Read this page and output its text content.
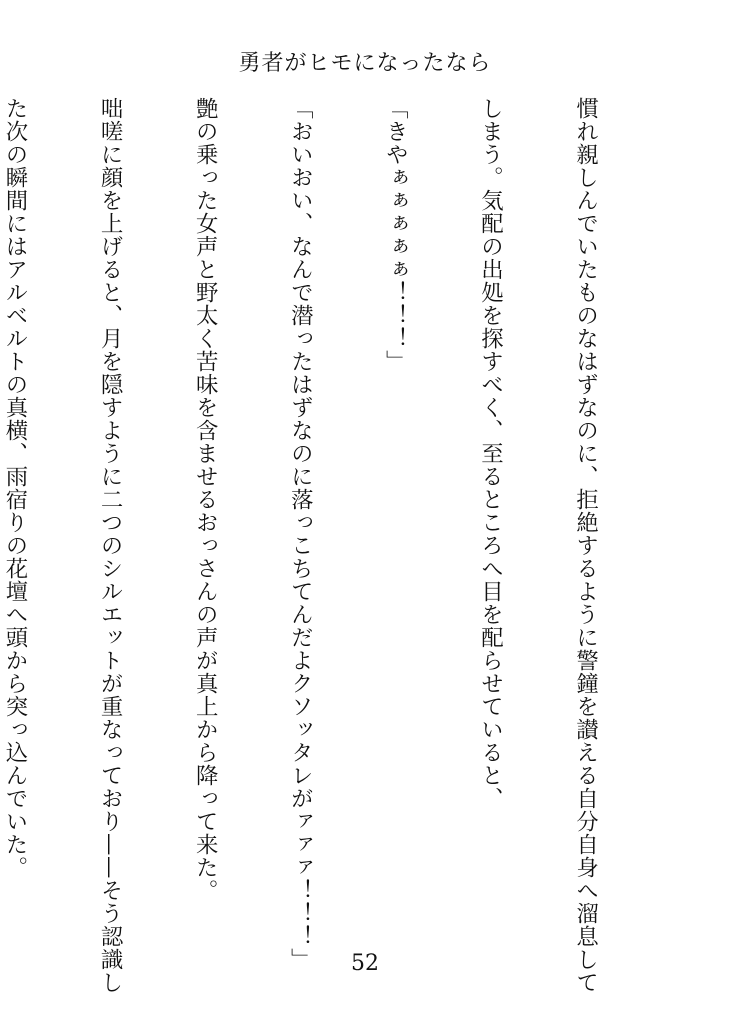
勇者がヒモになったなら

慣れ親しんでいたものなはずなのに、拒絶するように警鐘を讃える自分自身へ溜息して

しまう。気配の出処を探すべく、至るところへ目を配らせていると、

「きやぁぁぁぁぁ！！！」

「おいおい、なんで潜ったはずなのに落っこちてんだよクソッタレがァァァ！！！」

艶の乗った女声と野太く苦味を含ませるおっさんの声が真上から降って来た。

咄嗟に顔を上げると、月を隠すように二つのシルエットが重なっており——そう認識し

た次の瞬間にはアルベルトの真横、雨宿りの花壇へ頭から突っ込んでいた。

52
